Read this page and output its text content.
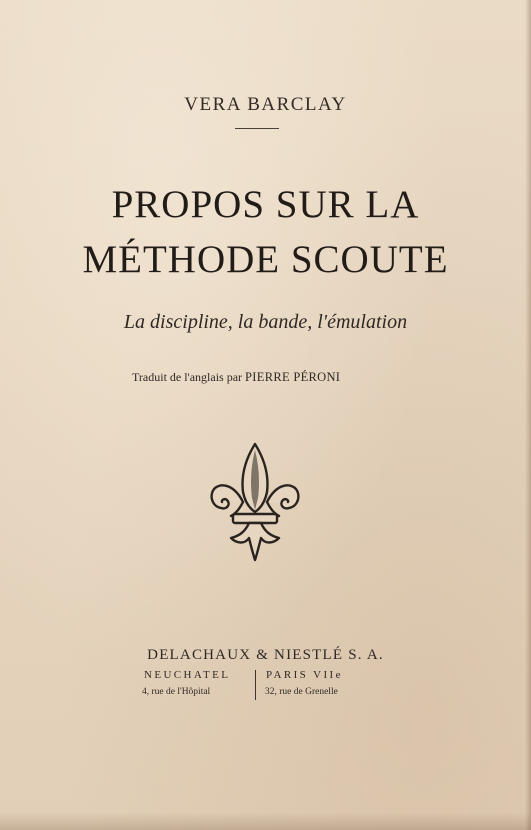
VERA BARCLAY
PROPOS SUR LA
MÉTHODE SCOUTE
La discipline, la bande, l'émulation
Traduit de l'anglais par PIERRE PÉRONI
DELACHAUX & NIESTLÉ S. A.
NEUCHATEL	PARIS VIIe
4, rue de l'Hôpital	32, rue de Grenelle
